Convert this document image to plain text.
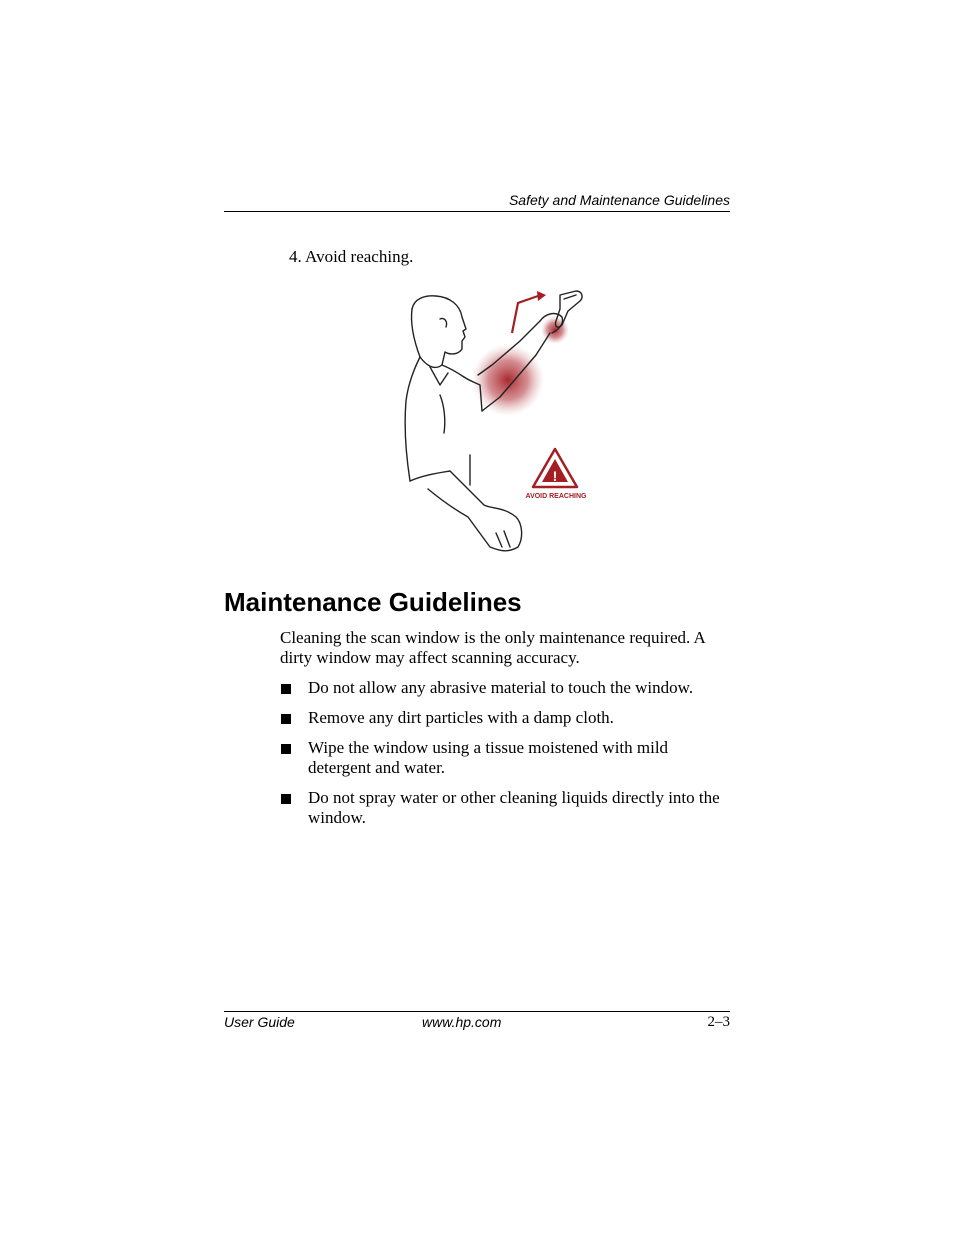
Safety and Maintenance Guidelines
4. Avoid reaching.
!
AVOID REACHING
Maintenance Guidelines

Cleaning the scan window is the only maintenance required. A dirty window may affect scanning accuracy.

Do not allow any abrasive material to touch the window.
Remove any dirt particles with a damp cloth.
Wipe the window using a tissue moistened with mild detergent and water.
Do not spray water or other cleaning liquids directly into the window.
User Guide	www.hp.com	2–3
